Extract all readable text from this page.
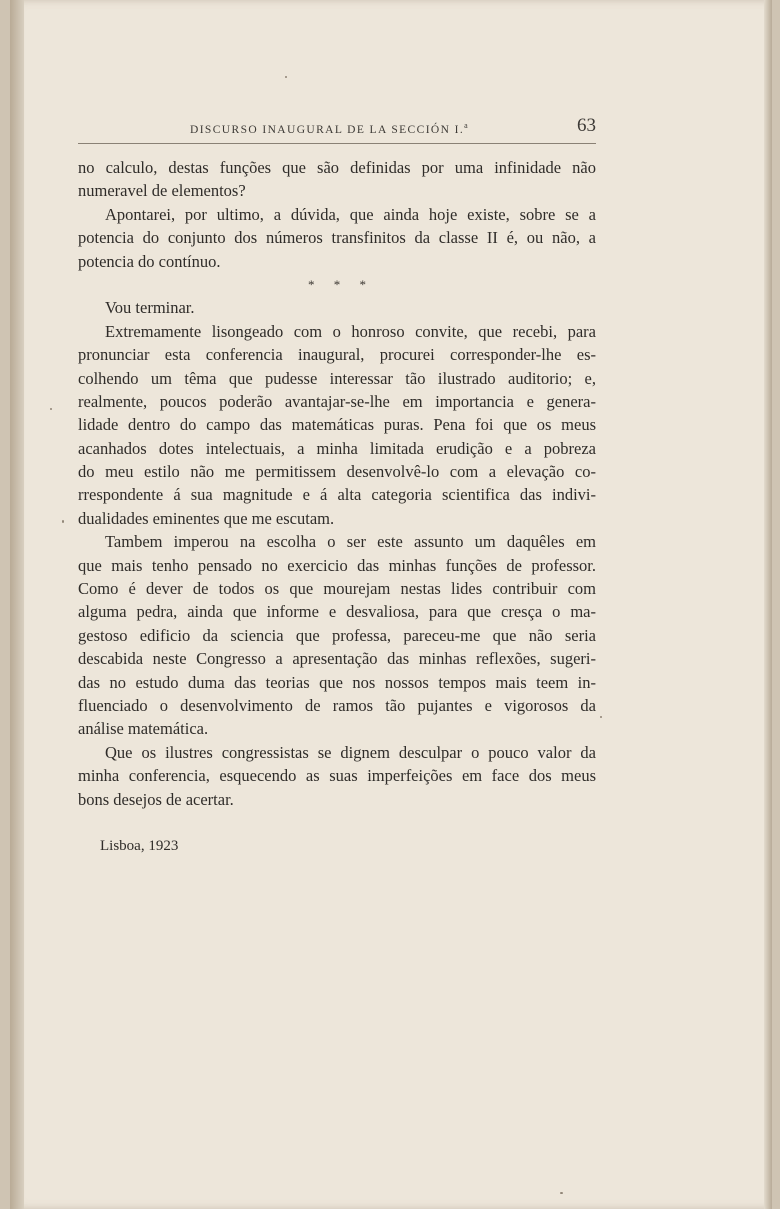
DISCURSO INAUGURAL DE LA SECCIÓN I.$^a$	63
no calculo, destas funções que são definidas por uma infinidade não
numeravel de elementos?
Apontarei, por ultimo, a dúvida, que ainda hoje existe, sobre se a
potencia do conjunto dos números transfinitos da classe II é, ou não, a
potencia do contínuo.
* * *
Vou terminar.
Extremamente lisongeado com o honroso convite, que recebi, para
pronunciar esta conferencia inaugural, procurei corresponder-lhe es-
colhendo um têma que pudesse interessar tão ilustrado auditorio; e,
realmente, poucos poderão avantajar-se-lhe em importancia e genera-
lidade dentro do campo das matemáticas puras. Pena foi que os meus
acanhados dotes intelectuais, a minha limitada erudição e a pobreza
do meu estilo não me permitissem desenvolvê-lo com a elevação co-
rrespondente á sua magnitude e á alta categoria scientifica das indivi-
dualidades eminentes que me escutam.
Tambem imperou na escolha o ser este assunto um daquêles em
que mais tenho pensado no exercicio das minhas funções de professor.
Como é dever de todos os que mourejam nestas lides contribuir com
alguma pedra, ainda que informe e desvaliosa, para que cresça o ma-
gestoso edificio da sciencia que professa, pareceu-me que não seria
descabida neste Congresso a apresentação das minhas reflexões, sugeri-
das no estudo duma das teorias que nos nossos tempos mais teem in-
fluenciado o desenvolvimento de ramos tão pujantes e vigorosos da
análise matemática.
Que os ilustres congressistas se dignem desculpar o pouco valor da
minha conferencia, esquecendo as suas imperfeições em face dos meus
bons desejos de acertar.
Lisboa, 1923
